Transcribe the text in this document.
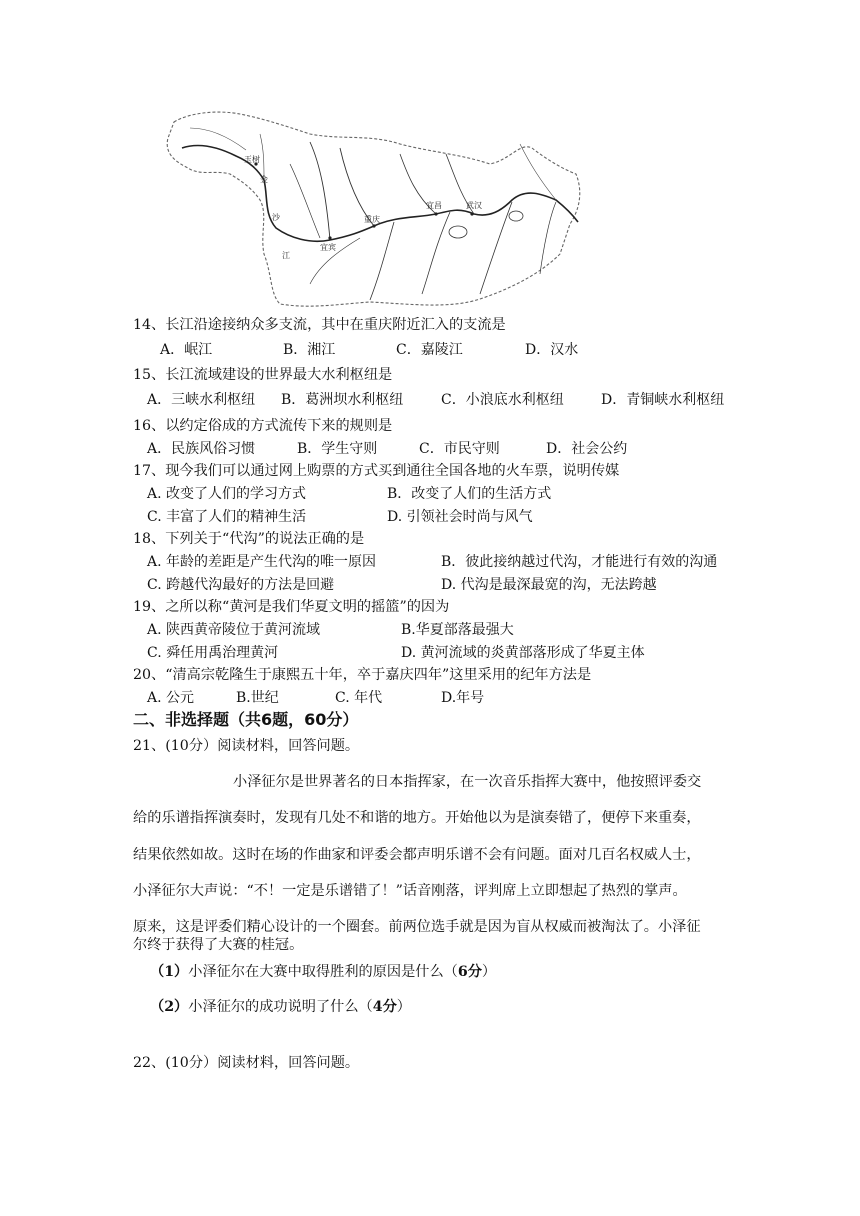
玉树
金
沙
江
宜宾
重庆
宜昌	武汉
14、长江沿途接纳众多支流，其中在重庆附近汇入的支流是
A．岷江	B．湘江	C．嘉陵江	D．汉水
15、长江流域建设的世界最大水利枢纽是
A．三峡水利枢纽 B．葛洲坝水利枢纽	C．小浪底水利枢纽	D．青铜峡水利枢纽
16、以约定俗成的方式流传下来的规则是
A．民族风俗习惯	B．学生守则	C．市民守则	D．社会公约
17、现今我们可以通过网上购票的方式买到通往全国各地的火车票，说明传媒
A. 改变了人们的学习方式	B．改变了人们的生活方式
C. 丰富了人们的精神生活	D. 引领社会时尚与风气
18、下列关于“代沟”的说法正确的是
A. 年龄的差距是产生代沟的唯一原因	B．彼此接纳越过代沟，才能进行有效的沟通
C. 跨越代沟最好的方法是回避	D. 代沟是最深最宽的沟，无法跨越
19、之所以称“黄河是我们华夏文明的摇篮”的因为
A. 陕西黄帝陵位于黄河流域	B.华夏部落最强大
C. 舜任用禹治理黄河	D. 黄河流域的炎黄部落形成了华夏主体
20、“清高宗乾隆生于康熙五十年，卒于嘉庆四年”这里采用的纪年方法是
A. 公元	B.世纪	C. 年代	D.年号
二、非选择题（共6题，60分）
21、(10分）阅读材料，回答问题。
小泽征尔是世界著名的日本指挥家，在一次音乐指挥大赛中，他按照评委交
给的乐谱指挥演奏时，发现有几处不和谐的地方。开始他以为是演奏错了，便停下来重奏，
结果依然如故。这时在场的作曲家和评委会都声明乐谱不会有问题。面对几百名权威人士，
小泽征尔大声说：“不！一定是乐谱错了！”话音刚落，评判席上立即想起了热烈的掌声。
原来，这是评委们精心设计的一个圈套。前两位选手就是因为盲从权威而被淘汰了。小泽征
尔终于获得了大赛的桂冠。
（1）小泽征尔在大赛中取得胜利的原因是什么（6分）
（2）小泽征尔的成功说明了什么（4分）
22、(10分）阅读材料，回答问题。
